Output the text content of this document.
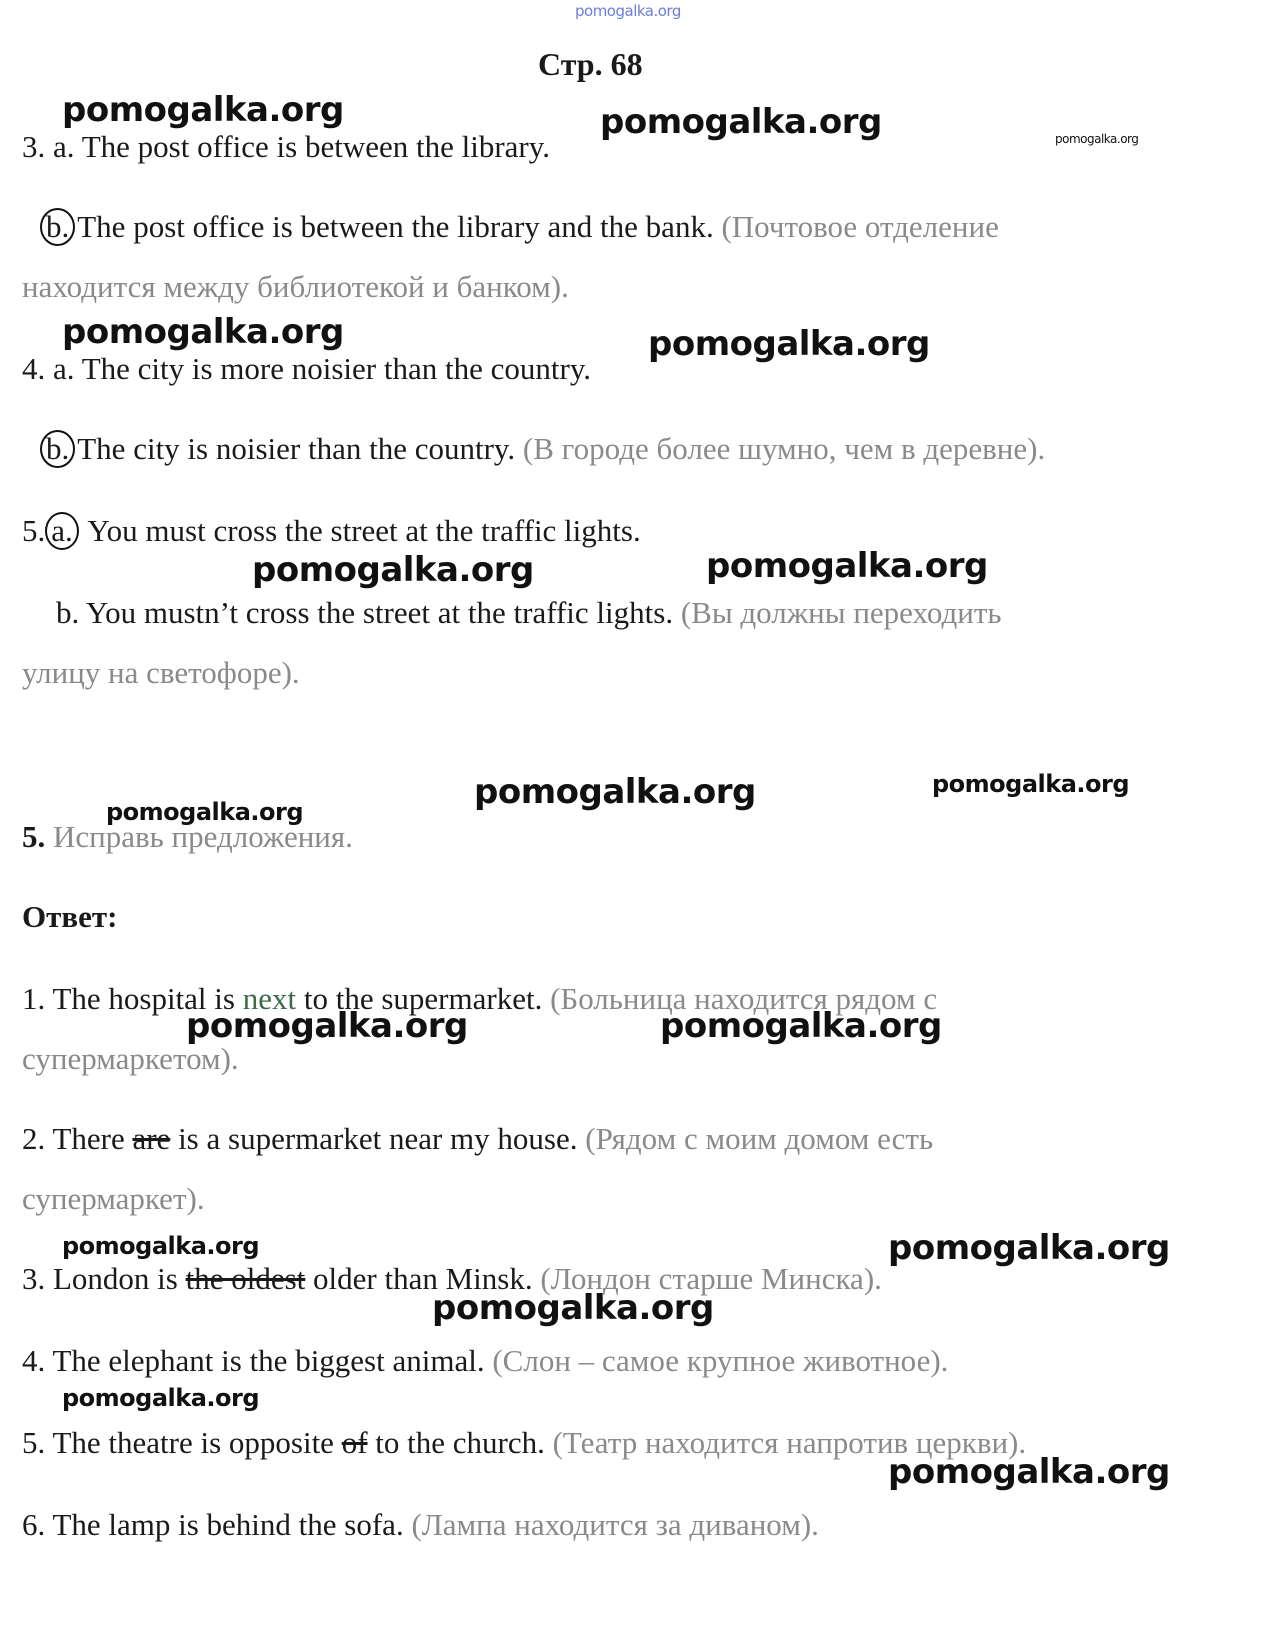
pomogalka.org
Стр. 68
pomogalka.org	pomogalka.org	pomogalka.org
3. a. The post office is between the library.
b. The post office is between the library and the bank. (Почтовое отделение
находится между библиотекой и банком).
pomogalka.org	pomogalka.org
4. a. The city is more noisier than the country.
b. The city is noisier than the country. (В городе более шумно, чем в деревне).
5. a. You must cross the street at the traffic lights.
pomogalka.org	pomogalka.org
b. You mustn’t cross the street at the traffic lights. (Вы должны переходить
улицу на светофоре).
pomogalka.org	pomogalka.org
pomogalka.org
5. Исправь предложения.
Ответ:
1. The hospital is next to the supermarket. (Больница находится рядом с
pomogalka.org	pomogalka.org
супермаркетом).
2. There are is a supermarket near my house. (Рядом с моим домом есть
супермаркет).
pomogalka.org	pomogalka.org
3. London is the oldest older than Minsk. (Лондон старше Минска).
pomogalka.org
4. The elephant is the biggest animal. (Слон – самое крупное животное).
pomogalka.org
5. The theatre is opposite of to the church. (Театр находится напротив церкви).
pomogalka.org
6. The lamp is behind the sofa. (Лампа находится за диваном).
